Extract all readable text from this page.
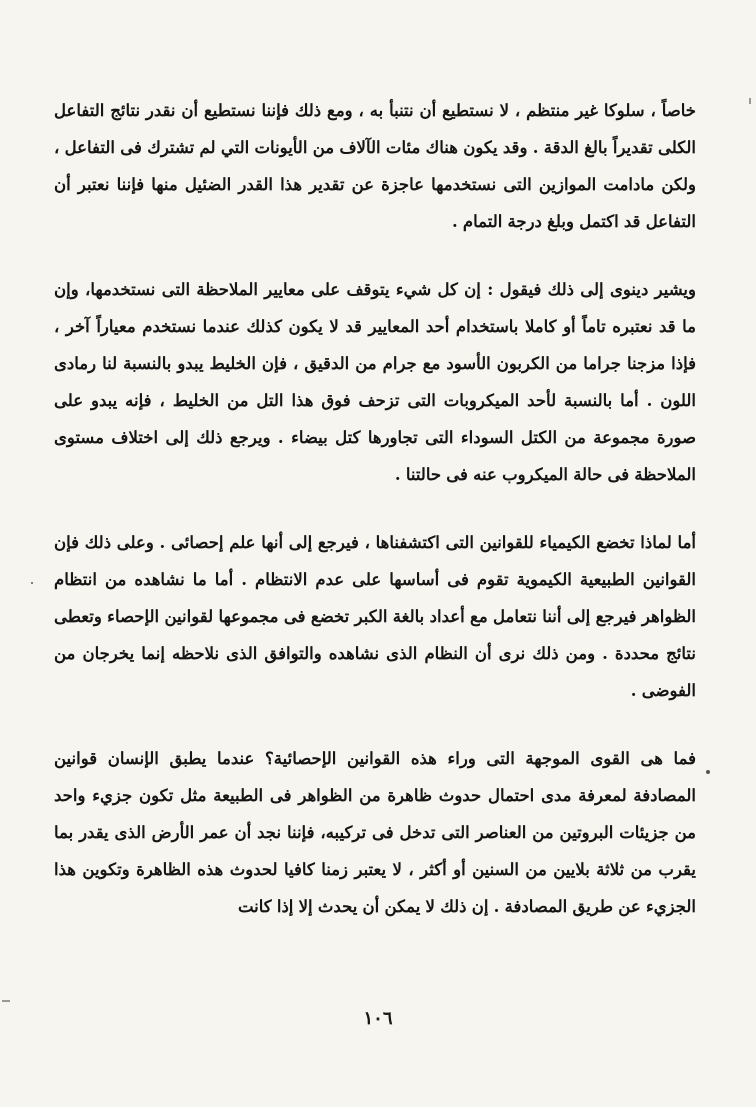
خاصاً ، سلوكا غير منتظم ، لا نستطيع أن نتنبأ به ، ومع ذلك فإننا نستطيع أن نقدر نتائج التفاعل الكلى تقديراً بالغ الدقة . وقد يكون هناك مئات الآلاف من الأيونات التي لم تشترك فى التفاعل ، ولكن مادامت الموازين التى نستخدمها عاجزة عن تقدير هذا القدر الضئيل منها فإننا نعتبر أن التفاعل قد اكتمل وبلغ درجة التمام .

ويشير دينوى إلى ذلك فيقول : إن كل شيء يتوقف على معايير الملاحظة التى نستخدمها، وإن ما قد نعتبره تاماً أو كاملا باستخدام أحد المعايير قد لا يكون كذلك عندما نستخدم معياراً آخر ، فإذا مزجنا جراما من الكربون الأسود مع جرام من الدقيق ، فإن الخليط يبدو بالنسبة لنا رمادى اللون . أما بالنسبة لأحد الميكروبات التى تزحف فوق هذا التل من الخليط ، فإنه يبدو على صورة مجموعة من الكتل السوداء التى تجاورها كتل بيضاء . ويرجع ذلك إلى اختلاف مستوى الملاحظة فى حالة الميكروب عنه فى حالتنا .

أما لماذا تخضع الكيمياء للقوانين التى اكتشفناها ، فيرجع إلى أنها علم إحصائى . وعلى ذلك فإن القوانين الطبيعية الكيموية تقوم فى أساسها على عدم الانتظام . أما ما نشاهده من انتظام الظواهر فيرجع إلى أننا نتعامل مع أعداد بالغة الكبر تخضع فى مجموعها لقوانين الإحصاء وتعطى نتائج محددة . ومن ذلك نرى أن النظام الذى نشاهده والتوافق الذى نلاحظه إنما يخرجان من الفوضى .

فما هى القوى الموجهة التى وراء هذه القوانين الإحصائية؟ عندما يطبق الإنسان قوانين المصادفة لمعرفة مدى احتمال حدوث ظاهرة من الظواهر فى الطبيعة مثل تكون جزيء واحد من جزيئات البروتين من العناصر التى تدخل فى تركيبه، فإننا نجد أن عمر الأرض الذى يقدر بما يقرب من ثلاثة بلايين من السنين أو أكثر ، لا يعتبر زمنا كافيا لحدوث هذه الظاهرة وتكوين هذا الجزيء عن طريق المصادفة . إن ذلك لا يمكن أن يحدث إلا إذا كانت

١٠٦
